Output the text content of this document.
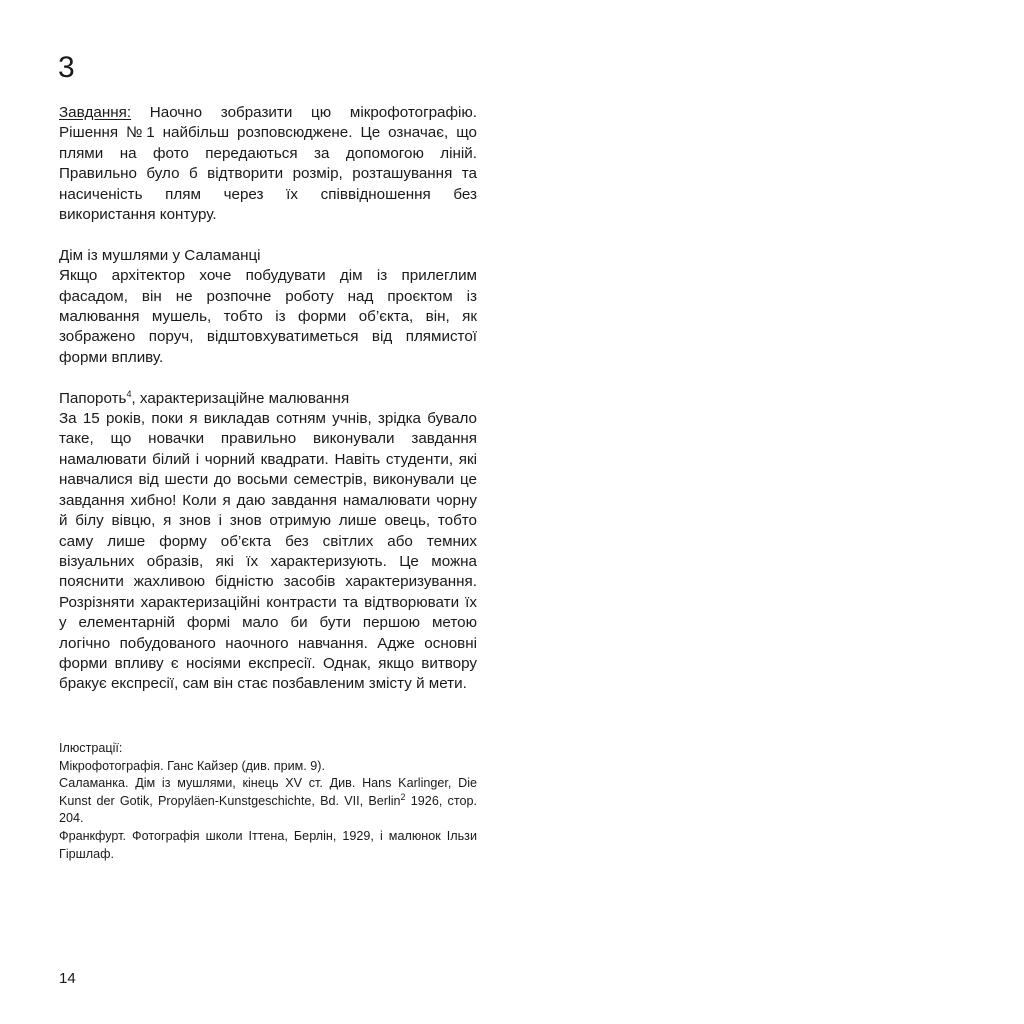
3

Завдання: Наочно зобразити цю мікрофотографію. Рішення №1 найбільш розповсюджене. Це означає, що плями на фото передаються за допомогою ліній. Правильно було б відтворити розмір, розташування та насиченість плям через їх співвідношення без використання контуру.

Дім із мушлями у Саламанці
Якщо архітектор хоче побудувати дім із прилеглим фасадом, він не розпочне роботу над проєктом із малювання мушель, тобто із форми об’єкта, він, як зображено поруч, відштовхуватиметься від плямистої форми впливу.

Папороть$^4$, характеризаційне малювання
За 15 років, поки я викладав сотням учнів, зрідка бувало таке, що новачки правильно виконували завдання намалювати білий і чорний квадрати. Навіть студенти, які навчалися від шести до восьми семестрів, виконували це завдання хибно! Коли я даю завдання намалювати чорну й білу вівцю, я знов і знов отримую лише овець, тобто саму лише форму об’єкта без світлих або темних візуальних образів, які їх характеризують. Це можна пояснити жахливою бідністю засобів характеризування. Розрізняти характеризаційні контрасти та відтворювати їх у елементарній формі мало би бути першою метою логічно побудованого наочного навчання. Адже основні форми впливу є носіями експресії. Однак, якщо витвору бракує експресії, сам він стає позбавленим змісту й мети.

Ілюстрації:

Мікрофотографія. Ганс Кайзер (див. прим. 9).

Саламанка. Дім із мушлями, кінець XV ст. Див. Hans Karlinger, Die Kunst der Gotik, Propyläen-Kunstgeschichte, Bd. VII, Berlin$^2$ 1926, стор. 204.

Франкфурт. Фотографія школи Іттена, Берлін, 1929, і малюнок Ільзи Гіршлаф.

14
